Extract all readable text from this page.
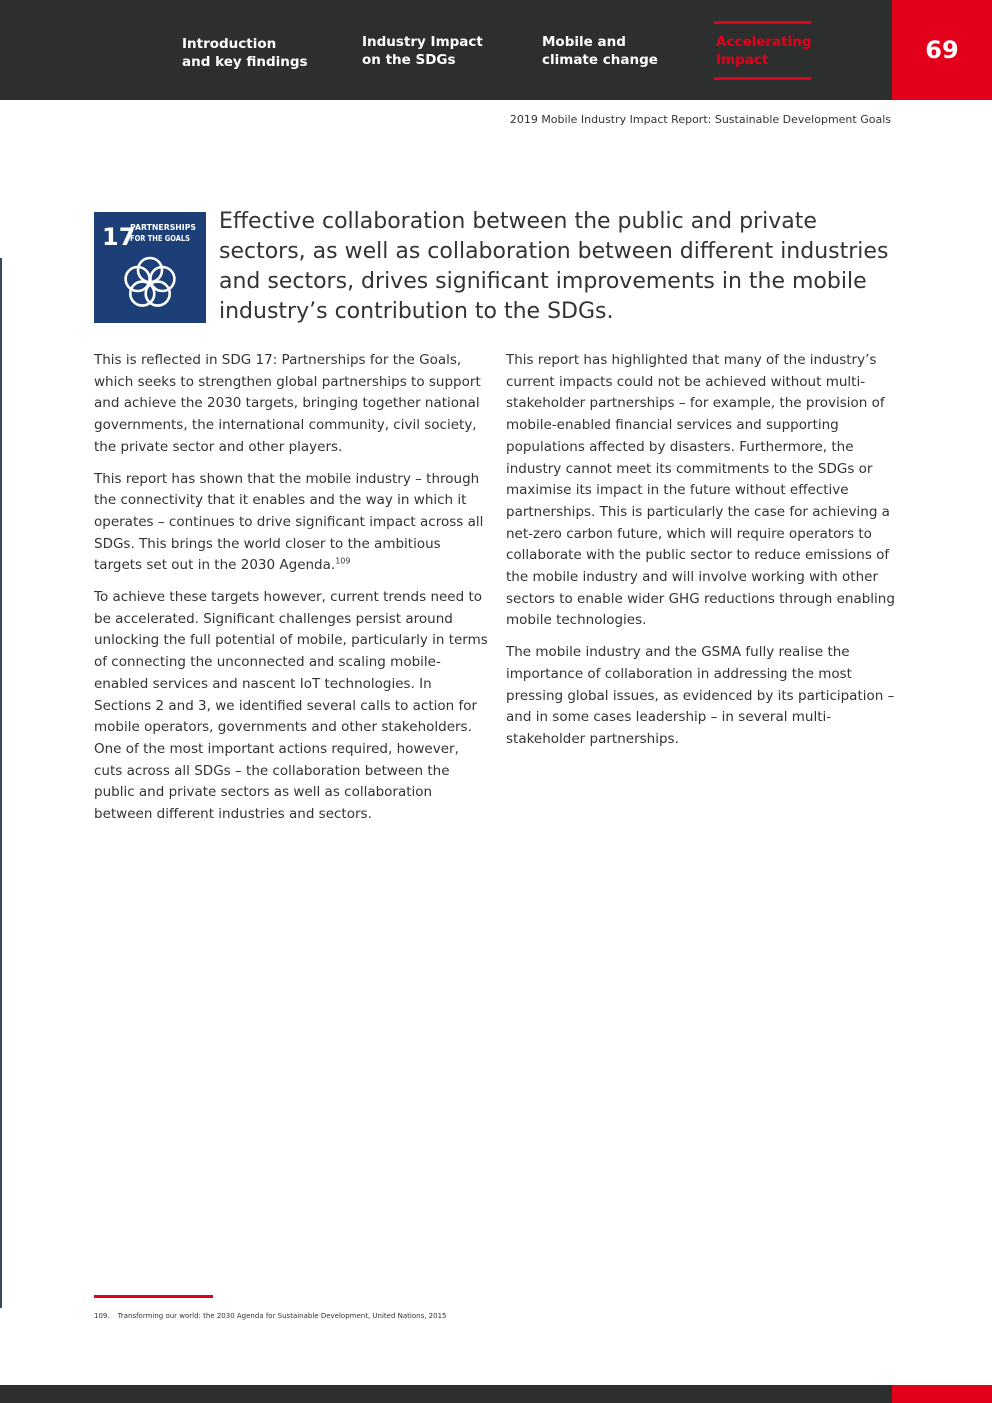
Introduction
and key findings
Industry Impact
on the SDGs
Mobile and
climate change
Accelerating
Impact	69
2019 Mobile Industry Impact Report: Sustainable Development Goals
17
PARTNERSHIPS
FOR THE GOALS
Effective collaboration between the public and private sectors, as well as collaboration between different industries and sectors, drives significant improvements in the mobile industry’s contribution to the SDGs.

This is reflected in SDG 17: Partnerships for the Goals, which seeks to strengthen global partnerships to support and achieve the 2030 targets, bringing together national governments, the international community, civil society, the private sector and other players.

This report has shown that the mobile industry – through the connectivity that it enables and the way in which it operates – continues to drive significant impact across all SDGs. This brings the world closer to the ambitious targets set out in the 2030 Agenda.$^{109}$

To achieve these targets however, current trends need to be accelerated. Significant challenges persist around unlocking the full potential of mobile, particularly in terms of connecting the unconnected and scaling mobile-enabled services and nascent IoT technologies. In Sections 2 and 3, we identified several calls to action for mobile operators, governments and other stakeholders. One of the most important actions required, however, cuts across all SDGs – the collaboration between the public and private sectors as well as collaboration between different industries and sectors.

This report has highlighted that many of the industry’s current impacts could not be achieved without multi-stakeholder partnerships – for example, the provision of mobile-enabled financial services and supporting populations affected by disasters. Furthermore, the industry cannot meet its commitments to the SDGs or maximise its impact in the future without effective partnerships. This is particularly the case for achieving a net-zero carbon future, which will require operators to collaborate with the public sector to reduce emissions of the mobile industry and will involve working with other sectors to enable wider GHG reductions through enabling mobile technologies.

The mobile industry and the GSMA fully realise the importance of collaboration in addressing the most pressing global issues, as evidenced by its participation – and in some cases leadership – in several multi-stakeholder partnerships.

109. Transforming our world: the 2030 Agenda for Sustainable Development, United Nations, 2015
